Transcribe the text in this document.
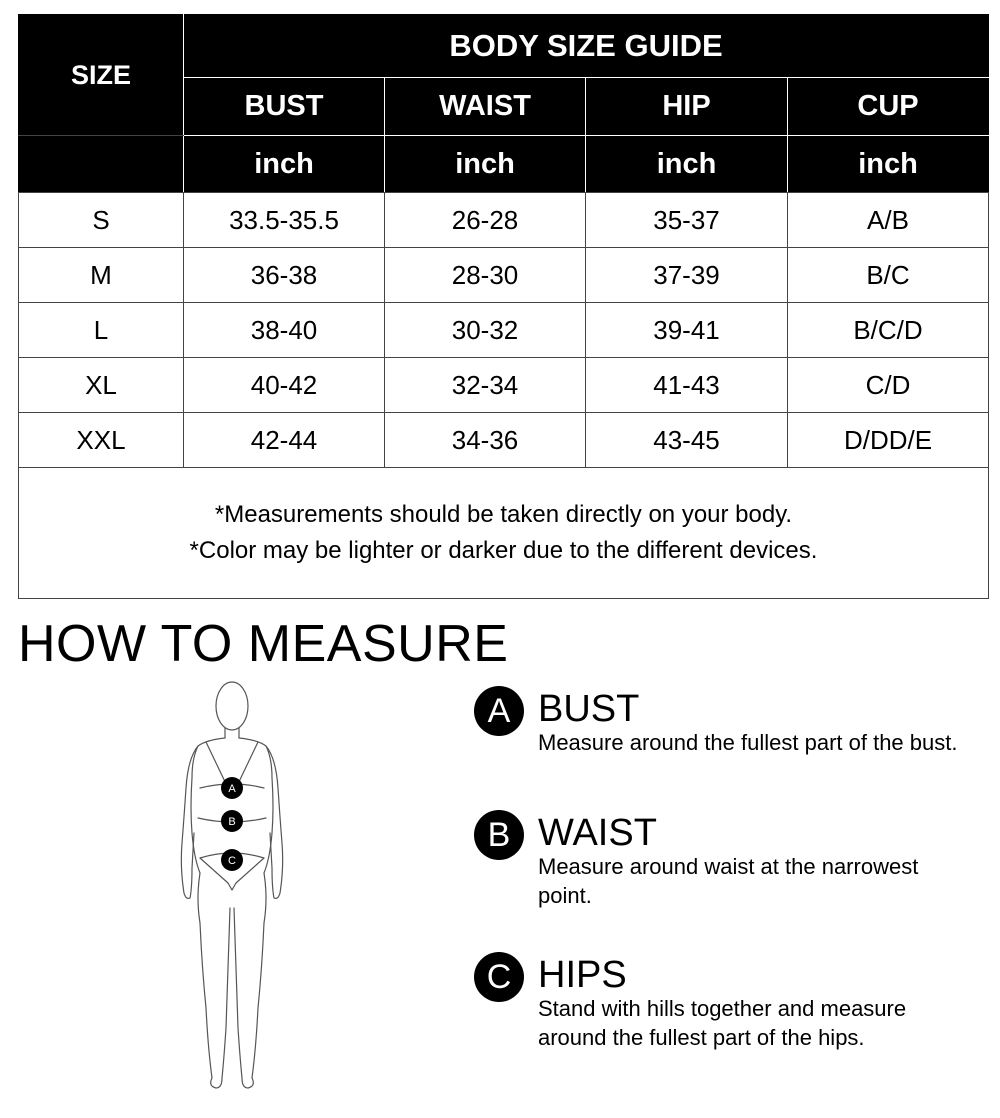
SIZE	BODY SIZE GUIDE			
	BUST	WAIST	HIP	CUP
	inch	inch	inch	inch
S	33.5-35.5	26-28	35-37	A/B
M	36-38	28-30	37-39	B/C
L	38-40	30-32	39-41	B/C/D
XL	40-42	32-34	41-43	C/D
XXL	42-44	34-36	43-45	D/DD/E

*Measurements should be taken directly on your body.
*Color may be lighter or darker due to the different devices.				
HOW TO MEASURE
A
B
C
A BUST
Measure around the fullest part of the bust.
B WAIST
Measure around waist at the narrowest point.
C HIPS
Stand with hills together and measure around the fullest part of the hips.
